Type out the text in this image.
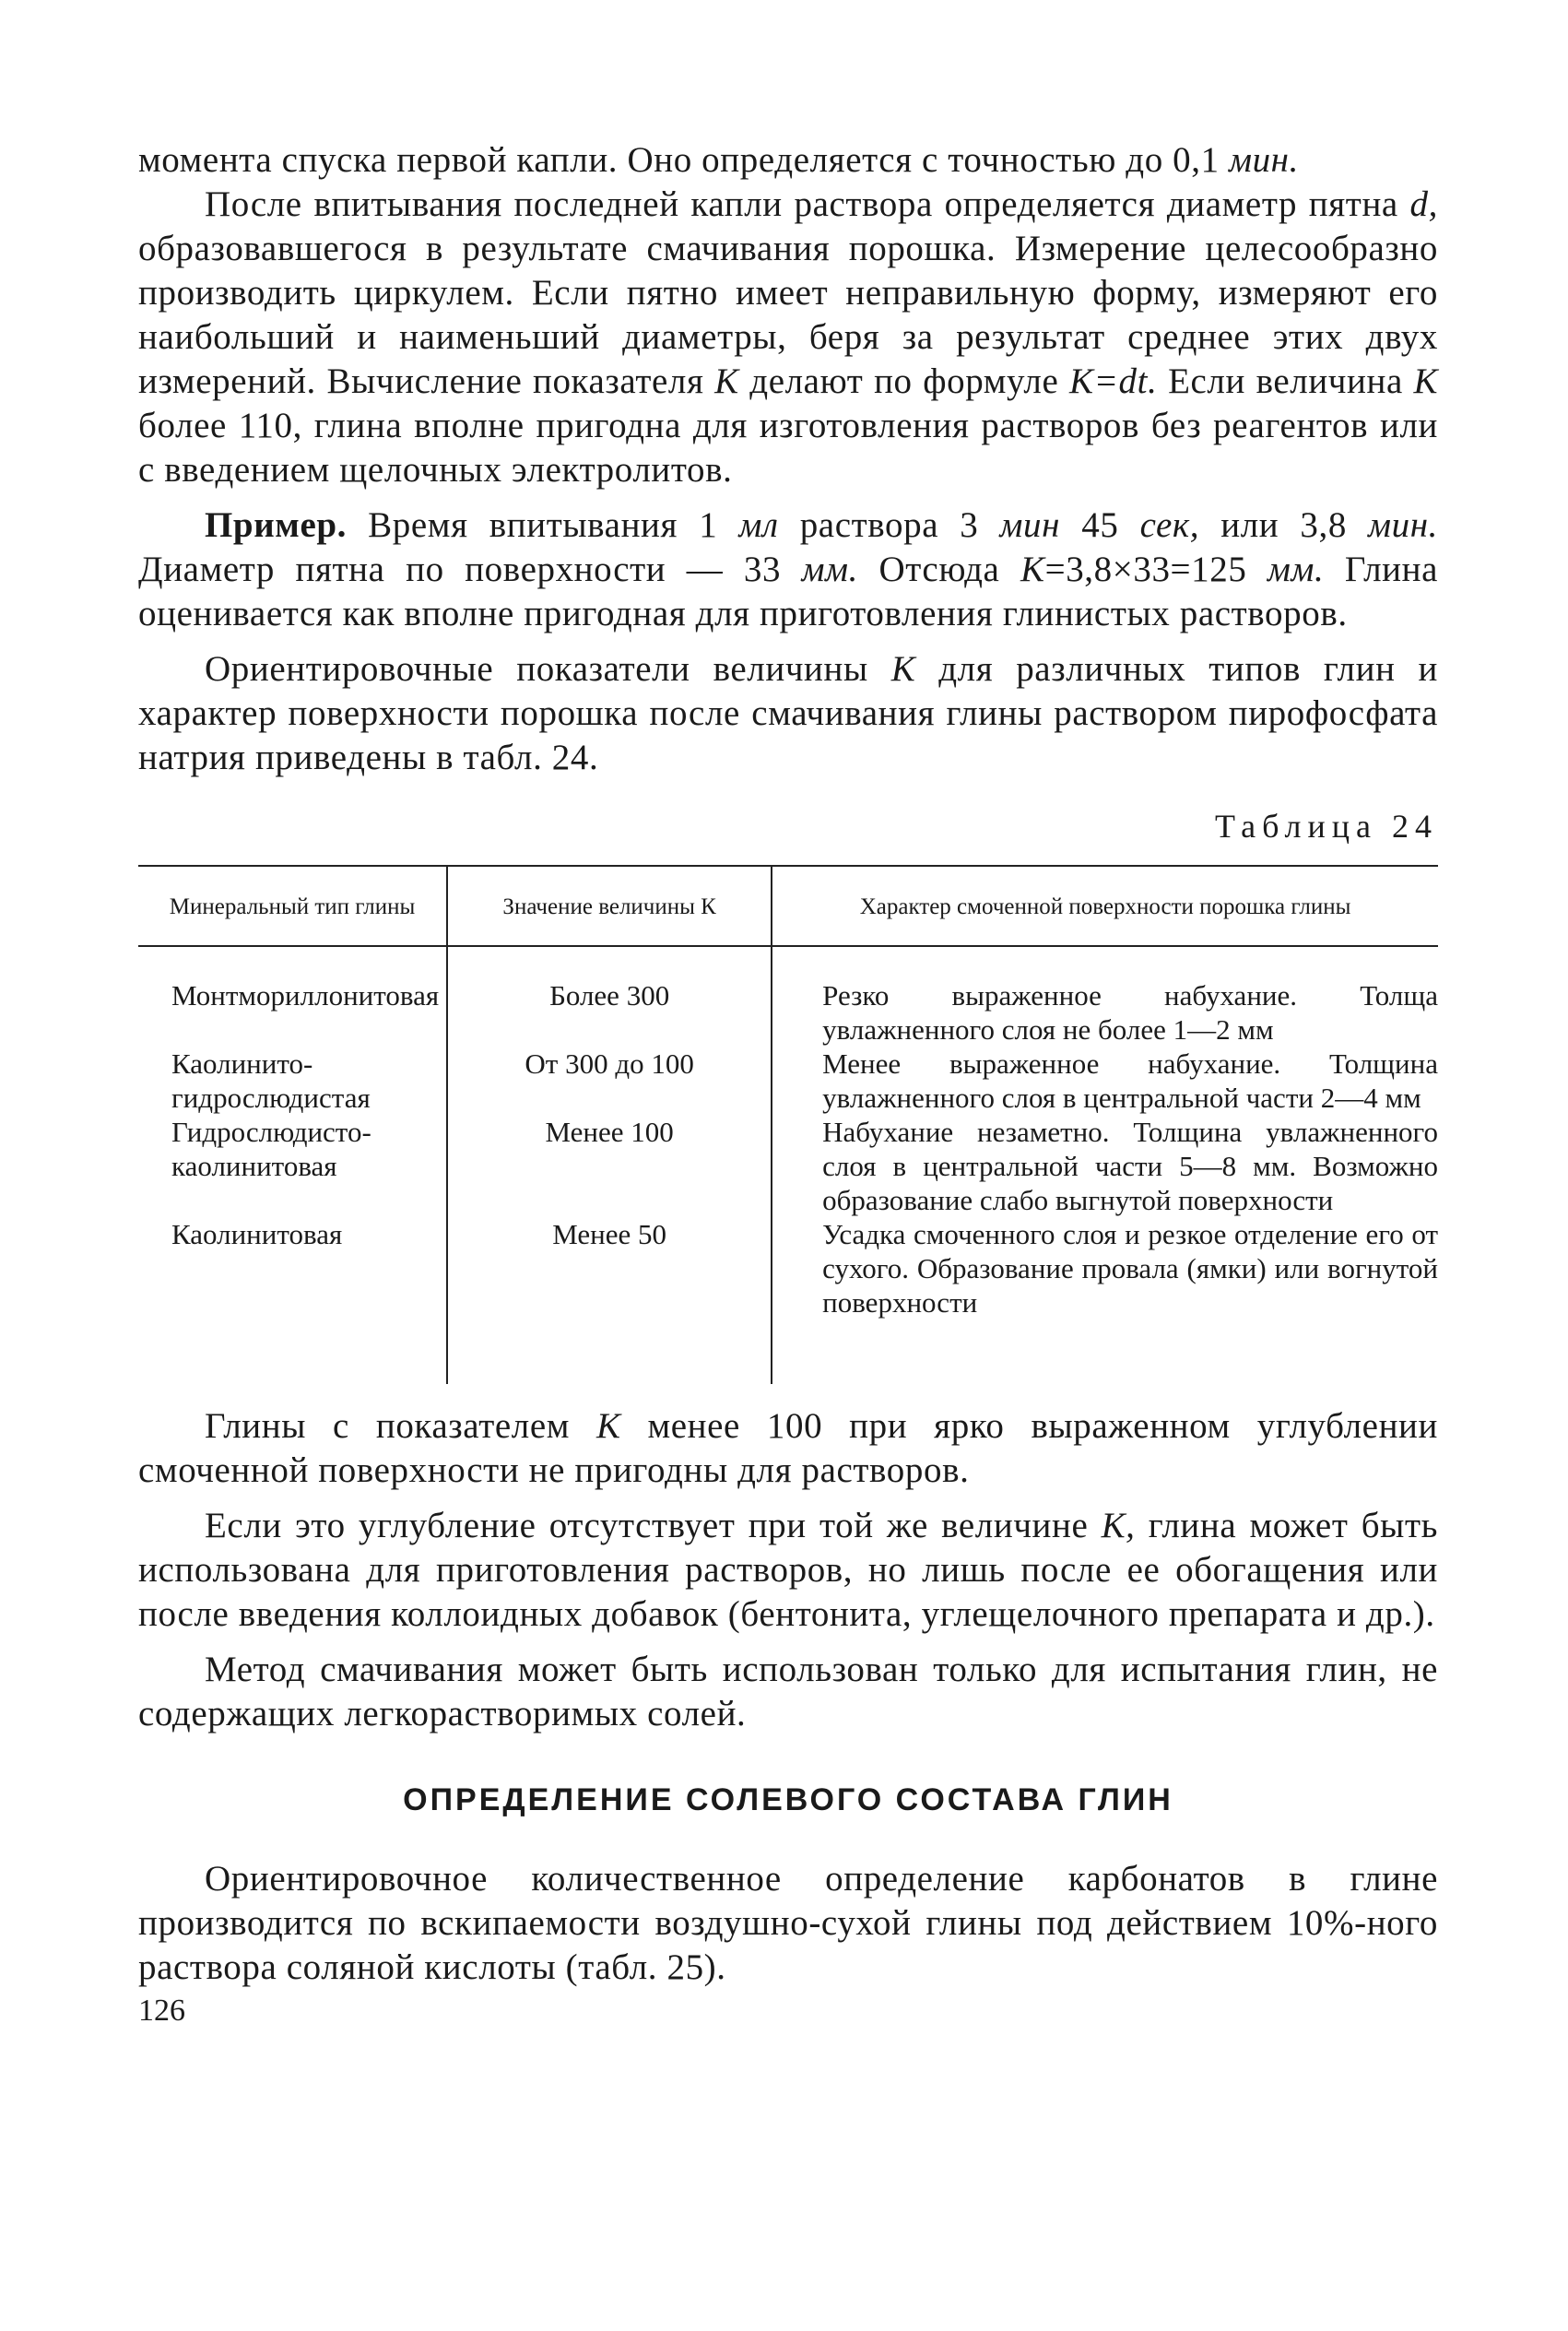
момента спуска первой капли. Оно определяется с точностью до 0,1 мин.

После впитывания последней капли раствора определяется диаметр пятна d, образовавшегося в результате смачивания порошка. Измерение целесообразно производить циркулем. Если пятно имеет неправильную форму, измеряют его наибольший и наименьший диаметры, беря за результат среднее этих двух измерений. Вычисление показателя К делают по формуле K=dt. Если величина К более 110, глина вполне пригодна для изготовления растворов без реагентов или с введением щелочных электролитов.

Пример. Время впитывания 1 мл раствора 3 мин 45 сек, или 3,8 мин. Диаметр пятна по поверхности — 33 мм. Отсюда K=3,8×33=125 мм. Глина оценивается как вполне пригодная для приготовления глинистых растворов.

Ориентировочные показатели величины К для различных типов глин и характер поверхности порошка после смачивания глины раствором пирофосфата натрия приведены в табл. 24.

Таблица 24
Минеральный тип глины	Значение величины К	Характер смоченной поверхности порошка глины
Монтмориллонитовая	Более 300	Резко выраженное набухание. Толща увлажненного слоя не более 1—2 мм
Каолинито-гидрослюдистая	От 300 до 100	Менее выраженное набухание. Толщина увлажненного слоя в центральной части 2—4 мм
Гидрослюдисто-каолинитовая	Менее 100	Набухание незаметно. Толщина увлажненного слоя в центральной части 5—8 мм. Возможно образование слабо выгнутой поверхности
Каолинитовая	Менее 50	Усадка смоченного слоя и резкое отделение его от сухого. Образование провала (ямки) или вогнутой поверхности

Глины с показателем К менее 100 при ярко выраженном углублении смоченной поверхности не пригодны для растворов.

Если это углубление отсутствует при той же величине К, глина может быть использована для приготовления растворов, но лишь после ее обогащения или после введения коллоидных добавок (бентонита, углещелочного препарата и др.).

Метод смачивания может быть использован только для испытания глин, не содержащих легкорастворимых солей.

ОПРЕДЕЛЕНИЕ СОЛЕВОГО СОСТАВА ГЛИН

Ориентировочное количественное определение карбонатов в глине производится по вскипаемости воздушно-сухой глины под действием 10%-ного раствора соляной кислоты (табл. 25).

126
